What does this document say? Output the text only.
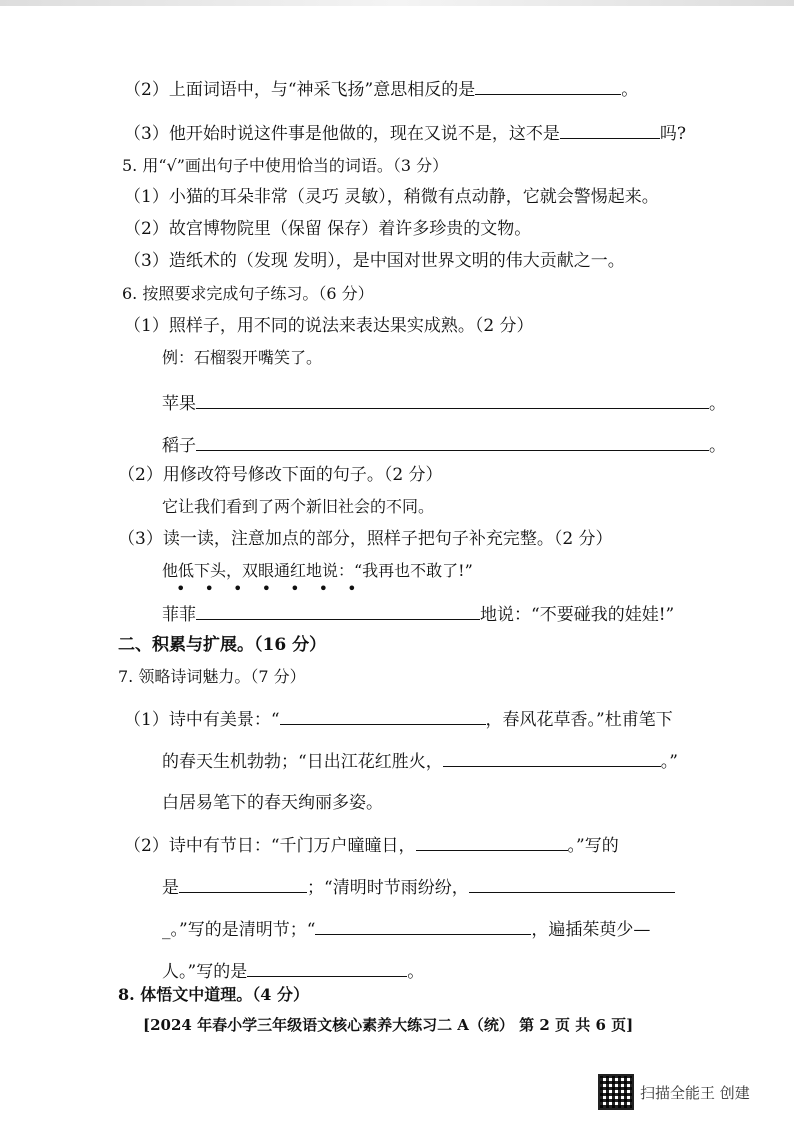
（2）上面词语中，与“神采飞扬”意思相反的是	。
（3）他开始时说这件事是他做的，现在又说不是，这不是	吗?
5. 用“√”画出句子中使用恰当的词语。（3 分）
（1）小猫的耳朵非常（灵巧 灵敏），稍微有点动静，它就会警惕起来。
（2）故宫博物院里（保留 保存）着许多珍贵的文物。
（3）造纸术的（发现 发明），是中国对世界文明的伟大贡献之一。
6. 按照要求完成句子练习。（6 分）
（1）照样子，用不同的说法来表达果实成熟。（2 分）
例：石榴裂开嘴笑了。
苹果	。
稻子	。
（2）用修改符号修改下面的句子。（2 分）
它让我们看到了两个新旧社会的不同。
（3）读一读，注意加点的部分，照样子把句子补充完整。（2 分）
他低下头，双眼通红地说：“我再也不敢了!”
• • • • • • •
菲菲	地说：“不要碰我的娃娃!”
二、积累与扩展。（16 分）
7. 领略诗词魅力。（7 分）
（1）诗中有美景：“	，春风花草香。”杜甫笔下
的春天生机勃勃；“日出江花红胜火，	。”
白居易笔下的春天绚丽多姿。
（2）诗中有节日：“千门万户曈曈日，	。”写的
是	；“清明时节雨纷纷，
_。”写的是清明节；“	，遍插茱萸少—
人。”写的是	。
8. 体悟文中道理。（4 分）
[2024 年春小学三年级语文核心素养大练习二 A（统） 第 2 页 共 6 页]
扫描全能王 创建
